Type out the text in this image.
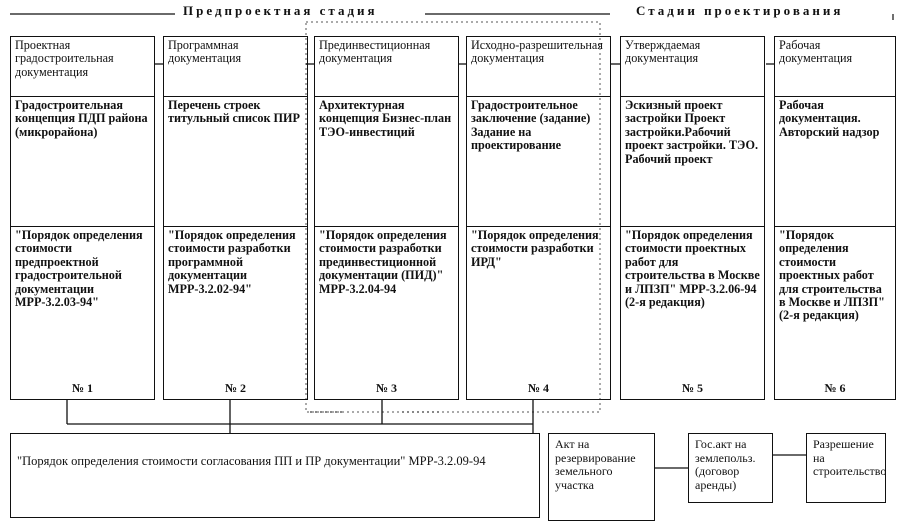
Предпроектная стадия	Стадии проектирования
Проектная градостроительная документация
Градостроительная концепция ПДП района (микрорайона)
"Порядок определения стоимости предпроектной градостроительной документации МРР-3.2.03-94"
№ 1
Программная документация
Перечень строек титульный список ПИР
"Порядок определения стоимости разработки программной документации МРР-3.2.02-94"
№ 2
Прединвестиционная документация
Архитектурная концепция Бизнес-план ТЭО-инвестиций
"Порядок определения стоимости разработки прединвестиционной документации (ПИД)" МРР-3.2.04-94
№ 3
Исходно-разрешительная документация
Градостроительное заключение (задание) Задание на проектирование
"Порядок определения стоимости разработки ИРД"
№ 4
Утверждаемая документация
Эскизный проект застройки Проект застройки.Рабочий проект застройки. ТЭО. Рабочий проект
"Порядок определения стоимости проектных работ для строительства в Москве и ЛПЗП" МРР-3.2.06-94 (2-я редакция)
№ 5
Рабочая документация
Рабочая документация. Авторский надзор
"Порядок определения стоимости проектных работ для строительства в Москве и ЛПЗП" (2-я редакция)
№ 6
"Порядок определения стоимости согласования ПП и ПР документации" МРР-3.2.09-94
Акт на резервирование земельного участка
Гос.акт на землепольз. (договор аренды)
Разрешение на строительство
